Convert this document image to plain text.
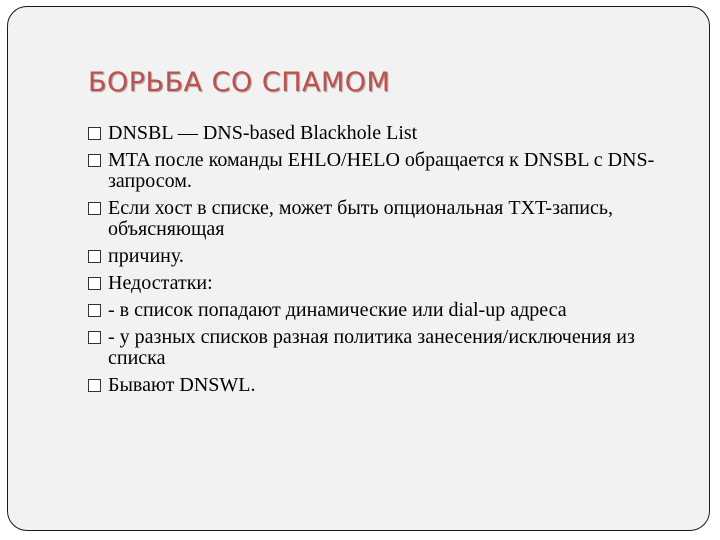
БОРЬБА СО СПАМОМ
DNSBL — DNS-based Blackhole List
MTA после команды EHLO/HELO обращается к DNSBL с DNS-запросом.
Если хост в списке, может быть опциональная TXT-запись, объясняющая
причину.
Недостатки:
- в список попадают динамические или dial-up адреса
- у разных списков разная политика занесения/исключения из списка
Бывают DNSWL.
